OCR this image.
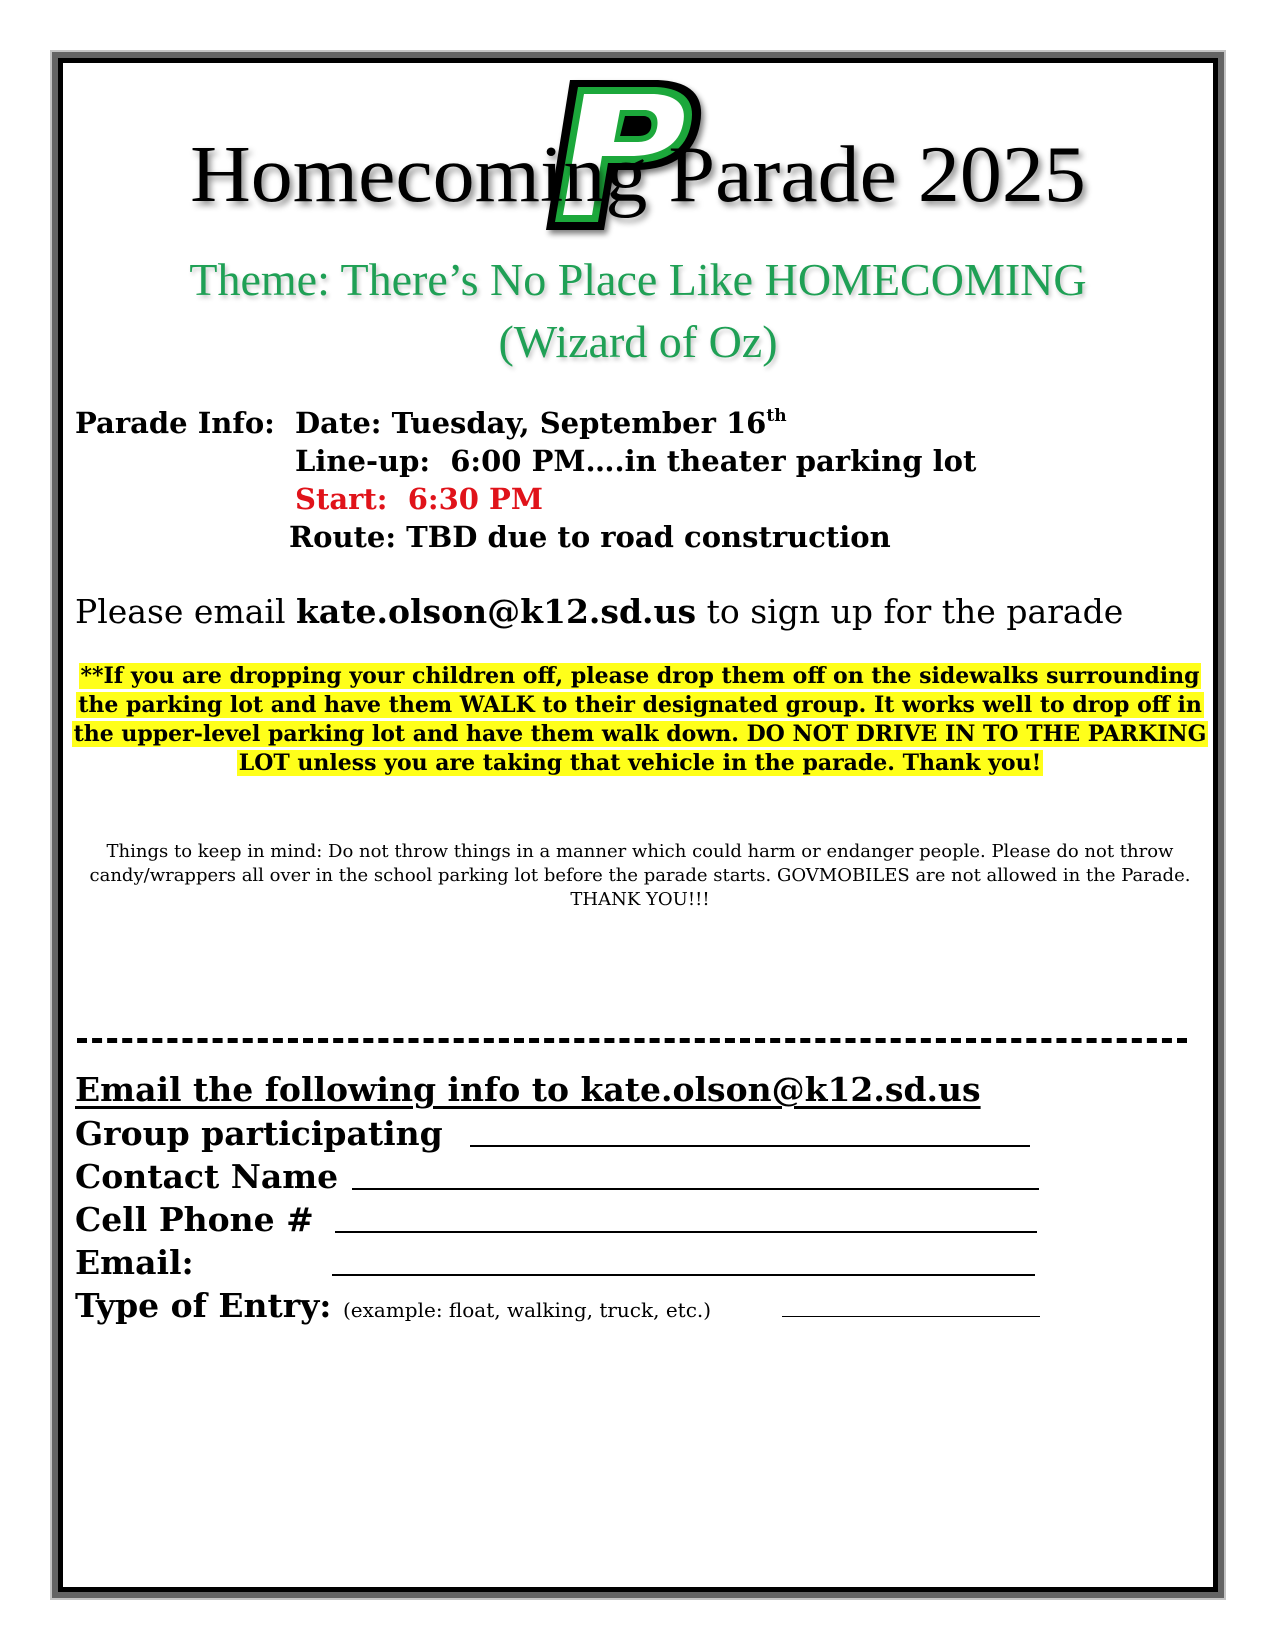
Homecoming Parade 2025
Theme: There’s No Place Like HOMECOMING
(Wizard of Oz)
Parade Info: Date: Tuesday, September 16th
Line-up:  6:00 PM….in theater parking lot
Start:  6:30 PM
Route: TBD due to road construction
Please email kate.olson@k12.sd.us to sign up for the parade
**If you are dropping your children off, please drop them off on the sidewalks surrounding the parking lot and have them WALK to their designated group. It works well to drop off in the upper-level parking lot and have them walk down. DO NOT DRIVE IN TO THE PARKING LOT unless you are taking that vehicle in the parade. Thank you!
Things to keep in mind: Do not throw things in a manner which could harm or endanger people. Please do not throw candy/wrappers all over in the school parking lot before the parade starts. GOVMOBILES are not allowed in the Parade.
THANK YOU!!!
Email the following info to kate.olson@k12.sd.us
Group participating
Contact Name
Cell Phone #
Email:
Type of Entry: (example: float, walking, truck, etc.)
